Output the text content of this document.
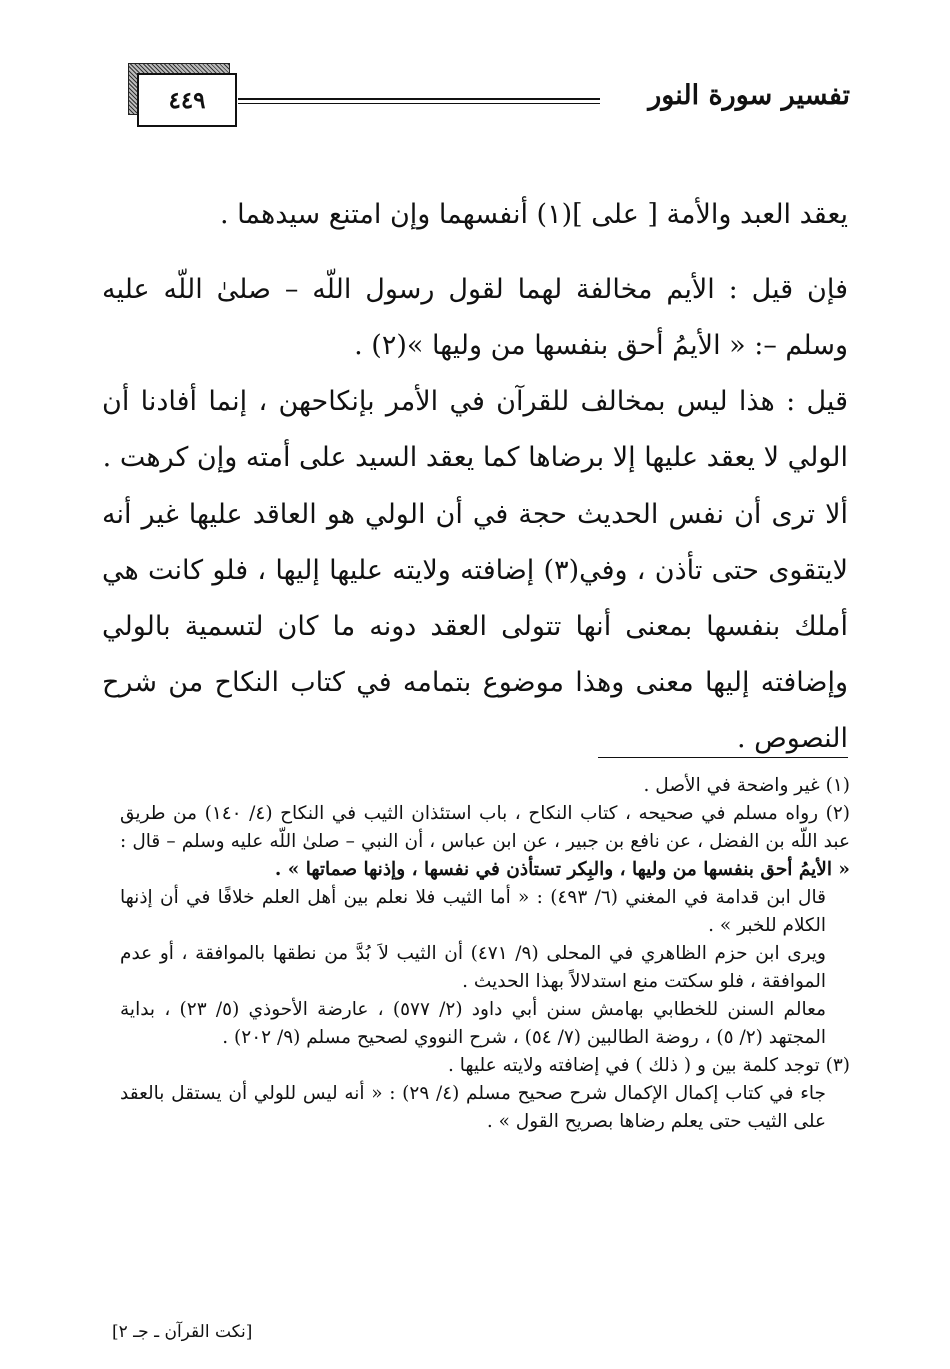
تفسير سورة النور
٤٤٩

يعقد العبد والأمة [ على ](١) أنفسهما وإن امتنع سيدهما .

فإن قيل : الأيم مخالفة لهما لقول رسول اللّه – صلىٰ اللّه عليه وسلم –: « الأيمُ أحق بنفسها من وليها »(٢) .

قيل : هذا ليس بمخالف للقرآن في الأمر بإنكاحهن ، إنما أفادنا أن الولي لا يعقد عليها إلا برضاها كما يعقد السيد على أمته وإن كرهت .

ألا ترى أن نفس الحديث حجة في أن الولي هو العاقد عليها غير أنه لايتقوى حتى تأذن ، وفي(٣) إضافته ولايته عليها إليها ، فلو كانت هي أملك بنفسها بمعنى أنها تتولى العقد دونه ما كان لتسمية بالولي وإضافته إليها معنى وهذا موضوع بتمامه في كتاب النكاح من شرح النصوص .

(١) غير واضحة في الأصل .

(٢) رواه مسلم في صحيحه ، كتاب النكاح ، باب استئذان الثيب في النكاح (٤/ ١٤٠) من طريق عبد اللّه بن الفضل ، عن نافع بن جبير ، عن ابن عباس ، أن النبي – صلىٰ اللّه عليه وسلم – قال : « الأيمُ أحق بنفسها من وليها ، والبِكر تستأذن في نفسها ، وإذنها صماتها » .

قال ابن قدامة في المغني (٦/ ٤٩٣) : « أما الثيب فلا نعلم بين أهل العلم خلافًا في أن إذنها الكلام للخبر » .

ويرى ابن حزم الظاهري في المحلى (٩/ ٤٧١) أن الثيب لاَ بُدَّ من نطقها بالموافقة ، أو عدم الموافقة ، فلو سكتت منع استدلالاً بهذا الحديث .

معالم السنن للخطابي بهامش سنن أبي داود (٢/ ٥٧٧) ، عارضة الأحوذي (٥/ ٢٣) ، بداية المجتهد (٢/ ٥) ، روضة الطالبين (٧/ ٥٤) ، شرح النووي لصحيح مسلم (٩/ ٢٠٢) .

(٣) توجد كلمة بين و ( ذلك ) في إضافته ولايته عليها .

جاء في كتاب إكمال الإكمال شرح صحيح مسلم (٤/ ٢٩) : « أنه ليس للولي أن يستقل بالعقد على الثيب حتى يعلم رضاها بصريح القول » .

[نكت القرآن ـ جـ ٢]
